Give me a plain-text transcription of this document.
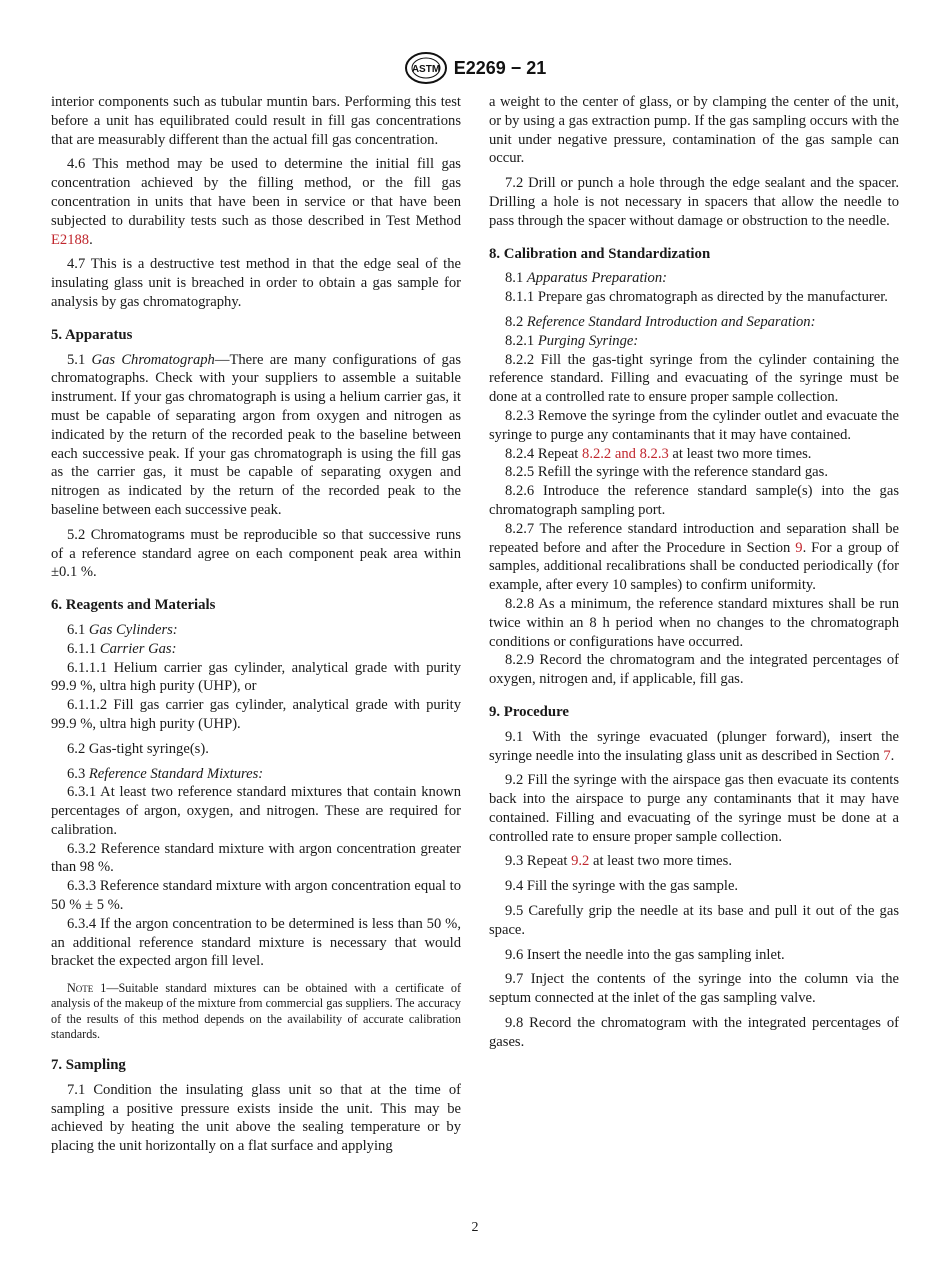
ASTM E2269 − 21

interior components such as tubular muntin bars. Performing this test before a unit has equilibrated could result in fill gas concentrations that are measurably different than the actual fill gas concentration.

4.6 This method may be used to determine the initial fill gas concentration achieved by the filling method, or the fill gas concentration in units that have been in service or that have been subjected to durability tests such as those described in Test Method E2188.

4.7 This is a destructive test method in that the edge seal of the insulating glass unit is breached in order to obtain a gas sample for analysis by gas chromatography.

5. Apparatus

5.1 Gas Chromatograph—There are many configurations of gas chromatographs. Check with your suppliers to assemble a suitable instrument. If your gas chromatograph is using a helium carrier gas, it must be capable of separating argon from oxygen and nitrogen as indicated by the return of the recorded peak to the baseline between each successive peak. If your gas chromatograph is using the fill gas as the carrier gas, it must be capable of separating oxygen and nitrogen as indicated by the return of the recorded peak to the baseline between each successive peak.

5.2 Chromatograms must be reproducible so that successive runs of a reference standard agree on each component peak area within ±0.1 %.

6. Reagents and Materials

6.1 Gas Cylinders:

6.1.1 Carrier Gas:

6.1.1.1 Helium carrier gas cylinder, analytical grade with purity 99.9 %, ultra high purity (UHP), or

6.1.1.2 Fill gas carrier gas cylinder, analytical grade with purity 99.9 %, ultra high purity (UHP).

6.2 Gas-tight syringe(s).

6.3 Reference Standard Mixtures:

6.3.1 At least two reference standard mixtures that contain known percentages of argon, oxygen, and nitrogen. These are required for calibration.

6.3.2 Reference standard mixture with argon concentration greater than 98 %.

6.3.3 Reference standard mixture with argon concentration equal to 50 % ± 5 %.

6.3.4 If the argon concentration to be determined is less than 50 %, an additional reference standard mixture is necessary that would bracket the expected argon fill level.

Note 1—Suitable standard mixtures can be obtained with a certificate of analysis of the makeup of the mixture from commercial gas suppliers. The accuracy of the results of this method depends on the availability of accurate calibration standards.

7. Sampling

7.1 Condition the insulating glass unit so that at the time of sampling a positive pressure exists inside the unit. This may be achieved by heating the unit above the sealing temperature or by placing the unit horizontally on a flat surface and applying

a weight to the center of glass, or by clamping the center of the unit, or by using a gas extraction pump. If the gas sampling occurs with the unit under negative pressure, contamination of the gas sample can occur.

7.2 Drill or punch a hole through the edge sealant and the spacer. Drilling a hole is not necessary in spacers that allow the needle to pass through the spacer without damage or obstruction to the needle.

8. Calibration and Standardization

8.1 Apparatus Preparation:

8.1.1 Prepare gas chromatograph as directed by the manufacturer.

8.2 Reference Standard Introduction and Separation:

8.2.1 Purging Syringe:

8.2.2 Fill the gas-tight syringe from the cylinder containing the reference standard. Filling and evacuating of the syringe must be done at a controlled rate to ensure proper sample collection.

8.2.3 Remove the syringe from the cylinder outlet and evacuate the syringe to purge any contaminants that it may have contained.

8.2.4 Repeat 8.2.2 and 8.2.3 at least two more times.

8.2.5 Refill the syringe with the reference standard gas.

8.2.6 Introduce the reference standard sample(s) into the gas chromatograph sampling port.

8.2.7 The reference standard introduction and separation shall be repeated before and after the Procedure in Section 9. For a group of samples, additional recalibrations shall be conducted periodically (for example, after every 10 samples) to confirm uniformity.

8.2.8 As a minimum, the reference standard mixtures shall be run twice within an 8 h period when no changes to the chromatograph conditions or configurations have occurred.

8.2.9 Record the chromatogram and the integrated percentages of oxygen, nitrogen and, if applicable, fill gas.

9. Procedure

9.1 With the syringe evacuated (plunger forward), insert the syringe needle into the insulating glass unit as described in Section 7.

9.2 Fill the syringe with the airspace gas then evacuate its contents back into the airspace to purge any contaminants that it may have contained. Filling and evacuating of the syringe must be done at a controlled rate to ensure proper sample collection.

9.3 Repeat 9.2 at least two more times.

9.4 Fill the syringe with the gas sample.

9.5 Carefully grip the needle at its base and pull it out of the gas space.

9.6 Insert the needle into the gas sampling inlet.

9.7 Inject the contents of the syringe into the column via the septum connected at the inlet of the gas sampling valve.

9.8 Record the chromatogram with the integrated percentages of gases.

2
